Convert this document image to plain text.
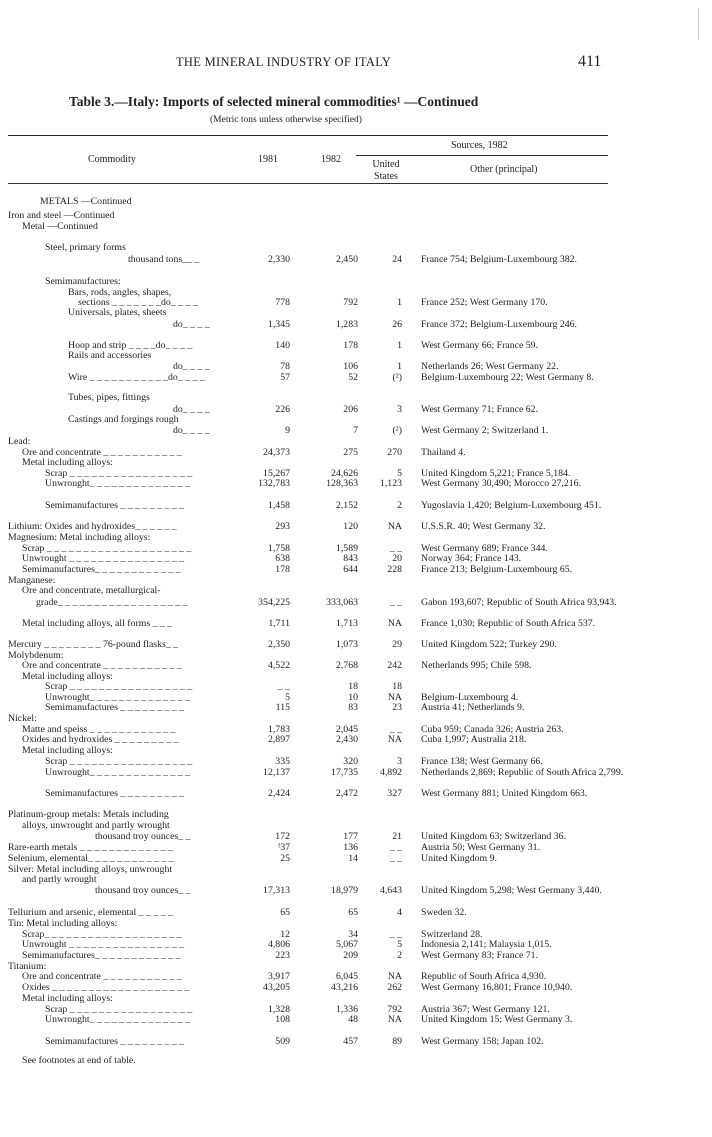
THE MINERAL INDUSTRY OF ITALY	411
Table 3.—Italy: Imports of selected mineral commodities¹ —Continued
(Metric tons unless otherwise specified)
Commodity	1981	1982
Sources, 1982
United States
Other (principal)
METALS —Continued
Iron and steel —Continued
Metal —Continued
Steel, primary forms
thousand tons__ _	2,330	2,450	24 France 754; Belgium-Luxembourg 382.
Semimanufactures:
Bars, rods, angles, shapes,
sections _ _ _ _ _ _ _do_ _ _ _	778	792	1 France 252; West Germany 170.
Universals, plates, sheets
do_ _ _ _	1,345	1,283	26 France 372; Belgium-Luxembourg 246.
Hoop and strip _ _ _ _do_ _ _ _	140	178	1 West Germany 66; France 59.
Rails and accessories
do_ _ _ _	78	106	1 Netherlands 26; West Germany 22.
Wire _ _ _ _ _ _ _ _ _ _ _do_ _ _ _	57	52	(²) Belgium-Luxembourg 22; West Germany 8.
Tubes, pipes, fittings
do_ _ _ _	226	206	3 West Germany 71; France 62.
Castings and forgings rough
do_ _ _ _	9	7	(²) West Germany 2; Switzerland 1.
Lead:
Ore and concentrate _ _ _ _ _ _ _ _ _ _ _	24,373	275	270 Thailand 4.
Metal including alloys:
Scrap _ _ _ _ _ _ _ _ _ _ _ _ _ _ _ _ _	15,267	24,626	5 United Kingdom 5,221; France 5,184.
Unwrought_ _ _ _ _ _ _ _ _ _ _ _ _ _	132,783	128,363	1,123 West Germany 30,490; Morocco 27,216.
Semimanufactures _ _ _ _ _ _ _ _ _	1,458	2,152	2 Yugoslavia 1,420; Belgium-Luxembourg 451.
Lithium: Oxides and hydroxides_ _ _ _ _ _	293	120	NA U.S.S.R. 40; West Germany 32.
Magnesium: Metal including alloys:
Scrap _ _ _ _ _ _ _ _ _ _ _ _ _ _ _ _ _ _ _ _	1,758	1,589	_ _ West Germany 689; France 344.
Unwrought _ _ _ _ _ _ _ _ _ _ _ _ _ _ _ _	638	843	20 Norway 364; France 143.
Semimanufactures_ _ _ _ _ _ _ _ _ _ _ _	178	644	228 France 213; Belgium-Luxembourg 65.
Manganese:
Ore and concentrate, metallurgical-
grade_ _ _ _ _ _ _ _ _ _ _ _ _ _ _ _ _ _	354,225	333,063	_ _ Gabon 193,607; Republic of South Africa 93,943.
Metal including alloys, all forms _ _ _	1,711	1,713	NA France 1,030; Republic of South Africa 537.
Mercury _ _ _ _ _ _ _ _ 76-pound flasks_ _	2,350	1,073	29 United Kingdom 522; Turkey 290.
Molybdenum:
Ore and concentrate _ _ _ _ _ _ _ _ _ _ _	4,522	2,768	242 Netherlands 995; Chile 598.
Metal including alloys:
Scrap _ _ _ _ _ _ _ _ _ _ _ _ _ _ _ _ _	_ _	18	18
Unwrought_ _ _ _ _ _ _ _ _ _ _ _ _ _	5	10	NA Belgium-Luxembourg 4.
Semimanufactures _ _ _ _ _ _ _ _ _	115	83	23 Austria 41; Netherlands 9.
Nickel:
Matte and speiss _ _ _ _ _ _ _ _ _ _ _ _	1,783	2,045	_ _ Cuba 959; Canada 326; Austria 263.
Oxides and hydroxides _ _ _ _ _ _ _ _ _	2,897	2,430	NA Cuba 1,997; Australia 218.
Metal including alloys:
Scrap _ _ _ _ _ _ _ _ _ _ _ _ _ _ _ _ _	335	320	3 France 138; West Germany 66.
Unwrought_ _ _ _ _ _ _ _ _ _ _ _ _ _	12,137	17,735	4,892 Netherlands 2,869; Republic of South Africa 2,799.
Semimanufactures _ _ _ _ _ _ _ _ _	2,424	2,472	327 West Germany 881; United Kingdom 663.
Platinum-group metals: Metals including
alloys, unwrought and partly wrought
thousand troy ounces_ _	172	177	21 United Kingdom 63; Switzerland 36.
Rare-earth metals _ _ _ _ _ _ _ _ _ _ _ _ _	ᶠ37	136	_ _ Austria 50; West Germany 31.
Selenium, elemental_ _ _ _ _ _ _ _ _ _ _ _	25	14	_ _ United Kingdom 9.
Silver: Metal including alloys, unwrought
and partly wrought
thousand troy ounces_ _	17,313	18,979	4,643 United Kingdom 5,298; West Germany 3,440.
Tellurium and arsenic, elemental _ _ _ _ _	65	65	4 Sweden 32.
Tin: Metal including alloys:
Scrap_ _ _ _ _ _ _ _ _ _ _ _ _ _ _ _ _ _ _	12	34	_ _ Switzerland 28.
Unwrought _ _ _ _ _ _ _ _ _ _ _ _ _ _ _ _	4,806	5,067	5 Indonesia 2,141; Malaysia 1,015.
Semimanufactures_ _ _ _ _ _ _ _ _ _ _ _	223	209	2 West Germany 83; France 71.
Titanium:
Ore and concentrate _ _ _ _ _ _ _ _ _ _ _	3,917	6,045	NA Republic of South Africa 4,930.
Oxides _ _ _ _ _ _ _ _ _ _ _ _ _ _ _ _ _ _ _	43,205	43,216	262 West Germany 16,801; France 10,940.
Metal including alloys:
Scrap _ _ _ _ _ _ _ _ _ _ _ _ _ _ _ _ _	1,328	1,336	792 Austria 367; West Germany 121.
Unwrought_ _ _ _ _ _ _ _ _ _ _ _ _ _	108	48	NA United Kingdom 15; West Germany 3.
Semimanufactures _ _ _ _ _ _ _ _ _	509	457	89 West Germany 158; Japan 102.
See footnotes at end of table.
